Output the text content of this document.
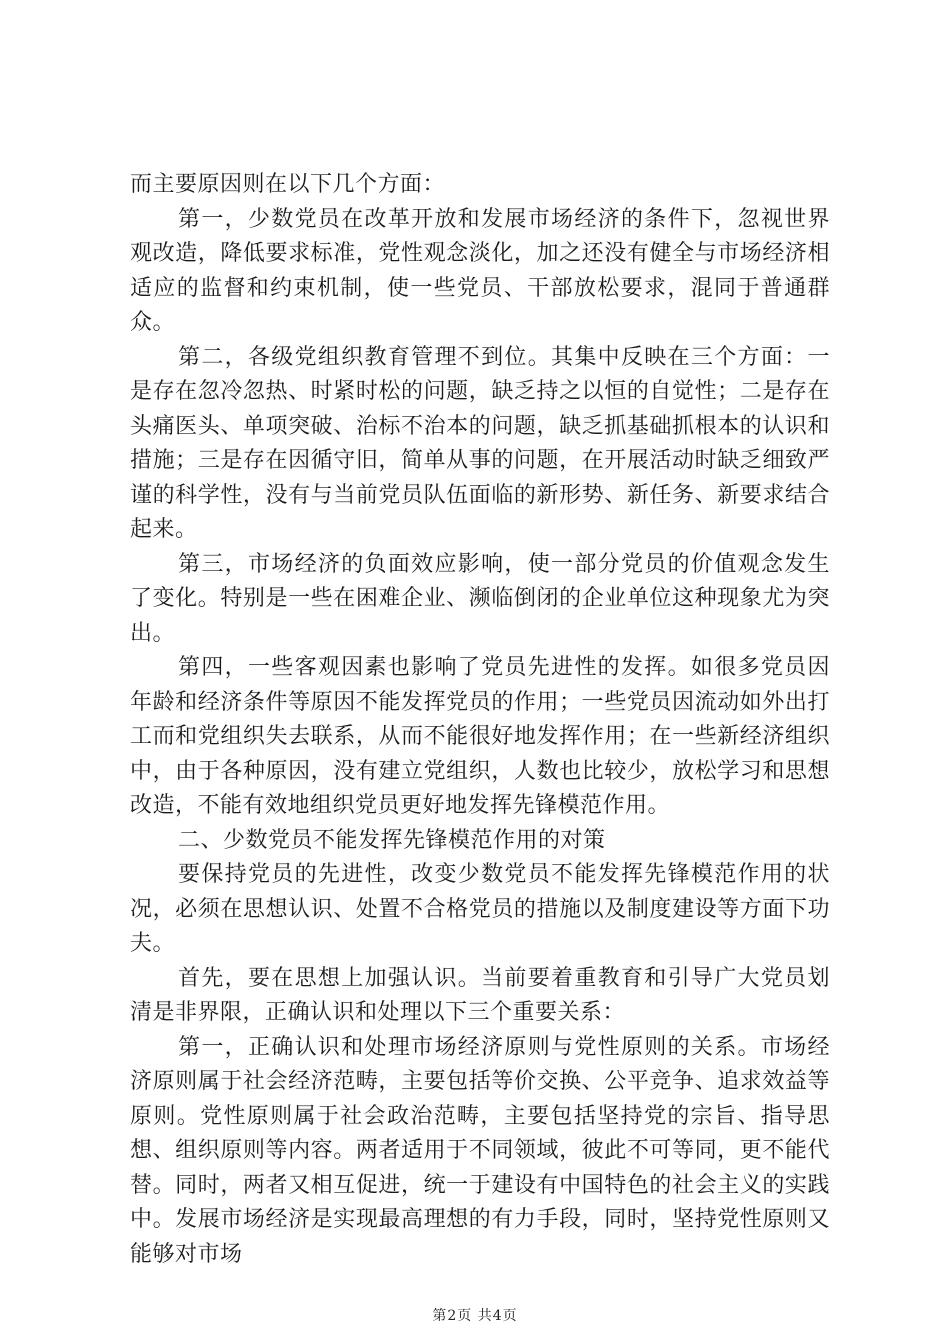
而主要原因则在以下几个方面：

第一，少数党员在改革开放和发展市场经济的条件下，忽视世界观改造，降低要求标准，党性观念淡化，加之还没有健全与市场经济相适应的监督和约束机制，使一些党员、干部放松要求，混同于普通群众。

第二，各级党组织教育管理不到位。其集中反映在三个方面：一是存在忽冷忽热、时紧时松的问题，缺乏持之以恒的自觉性；二是存在头痛医头、单项突破、治标不治本的问题，缺乏抓基础抓根本的认识和措施；三是存在因循守旧，简单从事的问题，在开展活动时缺乏细致严谨的科学性，没有与当前党员队伍面临的新形势、新任务、新要求结合起来。

第三，市场经济的负面效应影响，使一部分党员的价值观念发生了变化。特别是一些在困难企业、濒临倒闭的企业单位这种现象尤为突出。

第四，一些客观因素也影响了党员先进性的发挥。如很多党员因年龄和经济条件等原因不能发挥党员的作用；一些党员因流动如外出打工而和党组织失去联系，从而不能很好地发挥作用；在一些新经济组织中，由于各种原因，没有建立党组织，人数也比较少，放松学习和思想改造，不能有效地组织党员更好地发挥先锋模范作用。

二、少数党员不能发挥先锋模范作用的对策

要保持党员的先进性，改变少数党员不能发挥先锋模范作用的状况，必须在思想认识、处置不合格党员的措施以及制度建设等方面下功夫。

首先，要在思想上加强认识。当前要着重教育和引导广大党员划清是非界限，正确认识和处理以下三个重要关系：

第一，正确认识和处理市场经济原则与党性原则的关系。市场经济原则属于社会经济范畴，主要包括等价交换、公平竞争、追求效益等原则。党性原则属于社会政治范畴，主要包括坚持党的宗旨、指导思想、组织原则等内容。两者适用于不同领域，彼此不可等同，更不能代替。同时，两者又相互促进，统一于建设有中国特色的社会主义的实践中。发展市场经济是实现最高理想的有力手段，同时，坚持党性原则又能够对市场

第2页 共4页
